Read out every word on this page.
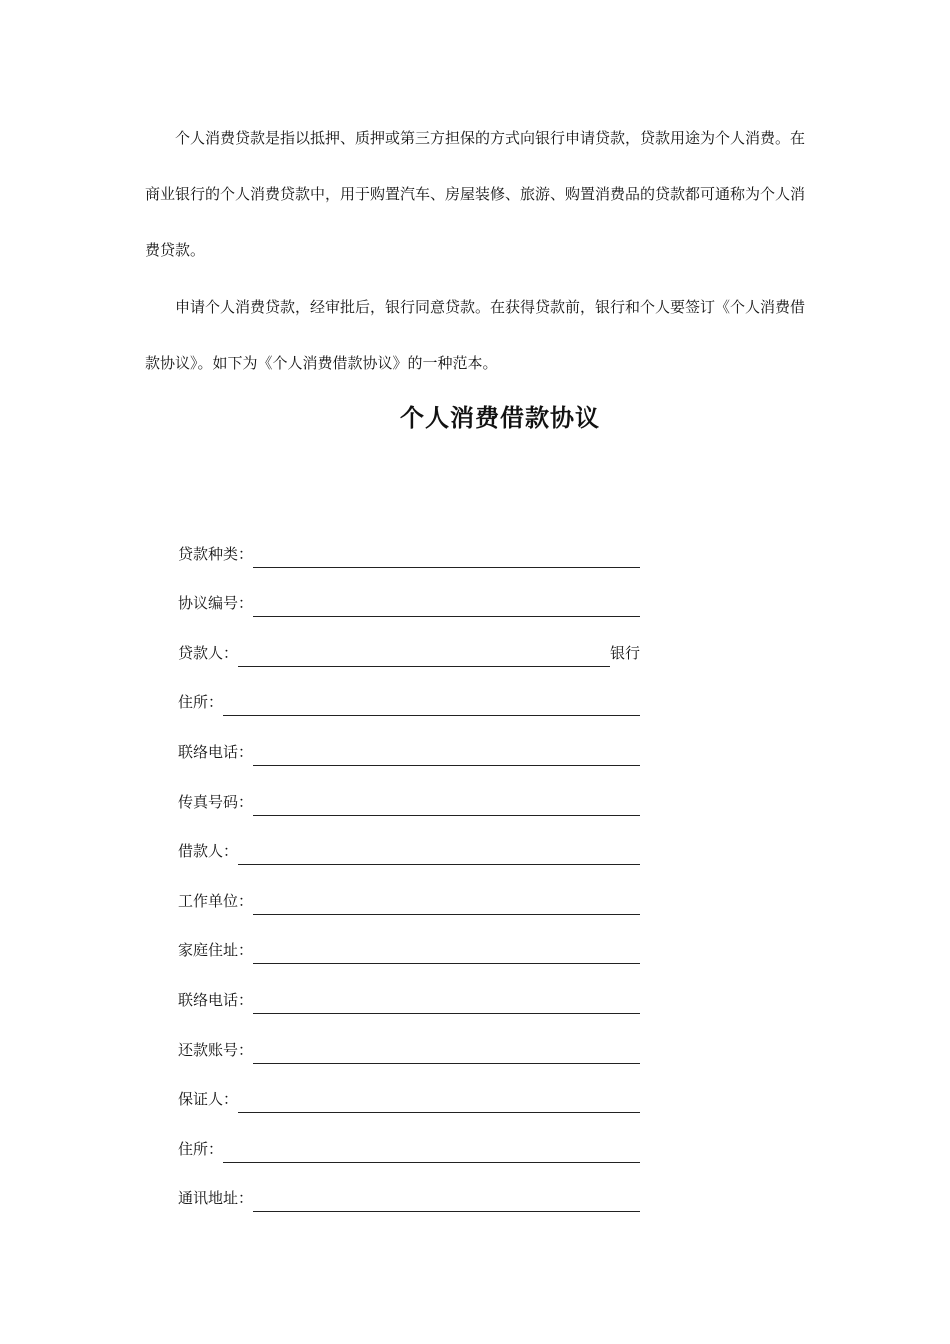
个人消费贷款是指以抵押、质押或第三方担保的方式向银行申请贷款，贷款用途为个人消费。在商业银行的个人消费贷款中，用于购置汽车、房屋装修、旅游、购置消费品的贷款都可通称为个人消费贷款。

申请个人消费贷款，经审批后，银行同意贷款。在获得贷款前，银行和个人要签订《个人消费借款协议》。如下为《个人消费借款协议》的一种范本。

个人消费借款协议
贷款种类：
协议编号：
贷款人：	银行
住所：
联络电话：
传真号码：
借款人：
工作单位：
家庭住址：
联络电话：
还款账号：
保证人：
住所：
通讯地址：
